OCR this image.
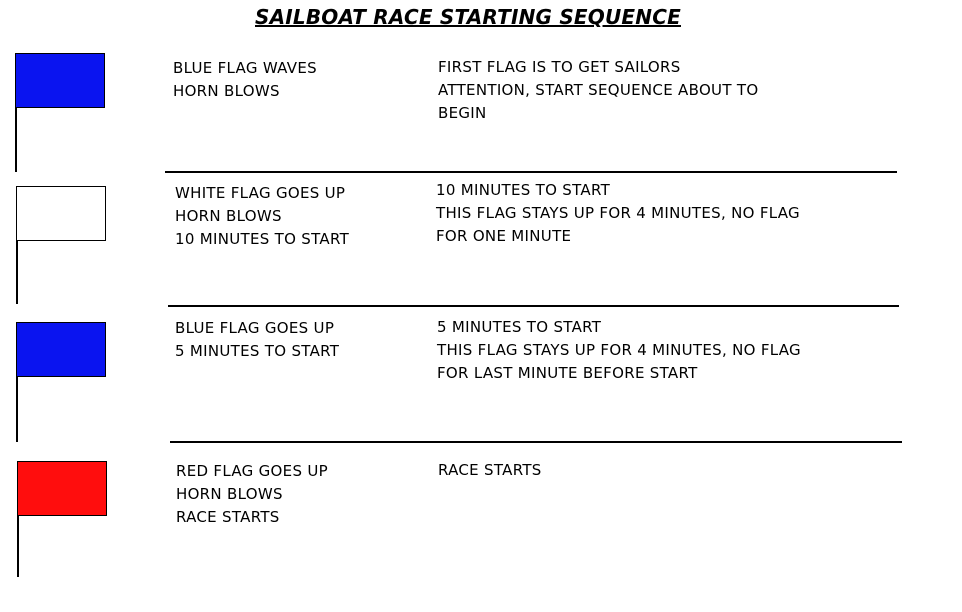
SAILBOAT RACE STARTING SEQUENCE
BLUE FLAG WAVES
HORN BLOWS
FIRST FLAG IS TO GET SAILORS
ATTENTION, START SEQUENCE ABOUT TO
BEGIN
WHITE FLAG GOES UP
HORN BLOWS
10 MINUTES TO START
10 MINUTES TO START
THIS FLAG STAYS UP FOR 4 MINUTES, NO FLAG
FOR ONE MINUTE
BLUE FLAG GOES UP
5 MINUTES TO START
5 MINUTES TO START
THIS FLAG STAYS UP FOR 4 MINUTES, NO FLAG
FOR LAST MINUTE BEFORE START
RED FLAG GOES UP
HORN BLOWS
RACE STARTS
RACE STARTS
